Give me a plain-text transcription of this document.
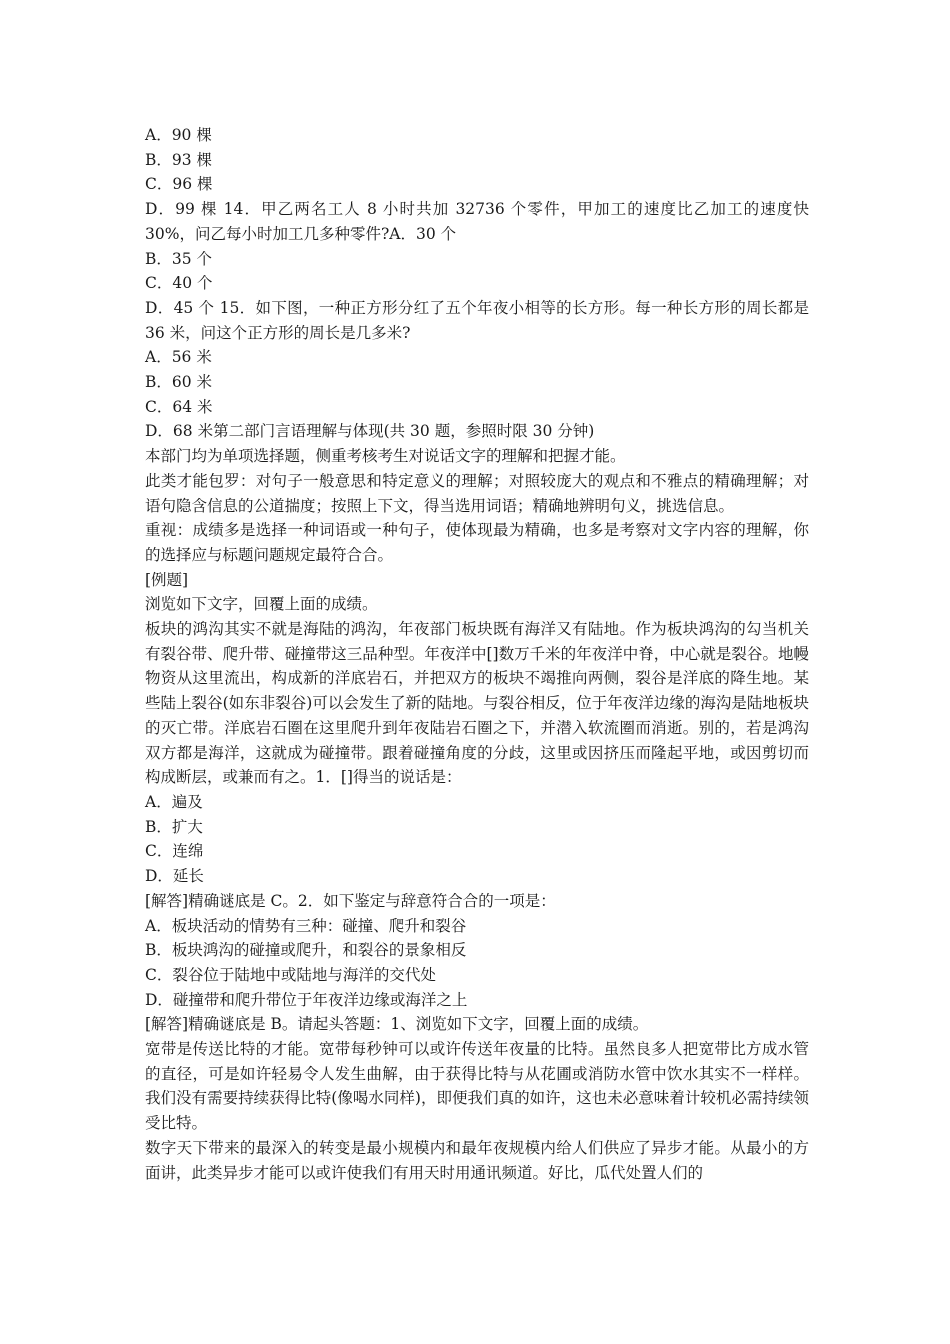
A．90 棵

B．93 棵

C．96 棵

D．99 棵 14．甲乙两名工人 8 小时共加 32736 个零件，甲加工的速度比乙加工的速度快 30%，问乙每小时加工几多种零件?A．30 个

B．35 个

C．40 个

D．45 个 15．如下图，一种正方形分红了五个年夜小相等的长方形。每一种长方形的周长都是 36 米，问这个正方形的周长是几多米?

A．56 米

B．60 米

C．64 米

D．68 米第二部门言语理解与体现(共 30 题，参照时限 30 分钟)

本部门均为单项选择题，侧重考核考生对说话文字的理解和把握才能。

此类才能包罗：对句子一般意思和特定意义的理解；对照较庞大的观点和不雅点的精确理解；对语句隐含信息的公道揣度；按照上下文，得当选用词语；精确地辨明句义，挑选信息。

重视：成绩多是选择一种词语或一种句子，使体现最为精确，也多是考察对文字内容的理解，你的选择应与标题问题规定最符合合。

[例题]

浏览如下文字，回覆上面的成绩。

板块的鸿沟其实不就是海陆的鸿沟，年夜部门板块既有海洋又有陆地。作为板块鸿沟的勾当机关有裂谷带、爬升带、碰撞带这三品种型。年夜洋中[]数万千米的年夜洋中脊，中心就是裂谷。地幔物资从这里流出，构成新的洋底岩石，并把双方的板块不竭推向两侧，裂谷是洋底的降生地。某些陆上裂谷(如东非裂谷)可以会发生了新的陆地。与裂谷相反，位于年夜洋边缘的海沟是陆地板块的灭亡带。洋底岩石圈在这里爬升到年夜陆岩石圈之下，并潜入软流圈而消逝。别的，若是鸿沟双方都是海洋，这就成为碰撞带。跟着碰撞角度的分歧，这里或因挤压而隆起平地，或因剪切而构成断层，或兼而有之。1．[]得当的说话是：

A．遍及

B．扩大

C．连绵

D．延长

[解答]精确谜底是 C。2．如下鉴定与辞意符合合的一项是：

A．板块活动的情势有三种：碰撞、爬升和裂谷

B．板块鸿沟的碰撞或爬升，和裂谷的景象相反

C．裂谷位于陆地中或陆地与海洋的交代处

D．碰撞带和爬升带位于年夜洋边缘或海洋之上

[解答]精确谜底是 B。请起头答题：1、浏览如下文字，回覆上面的成绩。

宽带是传送比特的才能。宽带每秒钟可以或许传送年夜量的比特。虽然良多人把宽带比方成水管的直径，可是如许轻易令人发生曲解，由于获得比特与从花圃或消防水管中饮水其实不一样样。我们没有需要持续获得比特(像喝水同样)，即便我们真的如许，这也未必意味着计较机必需持续领受比特。

数字天下带来的最深入的转变是最小规模内和最年夜规模内给人们供应了异步才能。从最小的方面讲，此类异步才能可以或许使我们有用天时用通讯频道。好比，瓜代处置人们的
